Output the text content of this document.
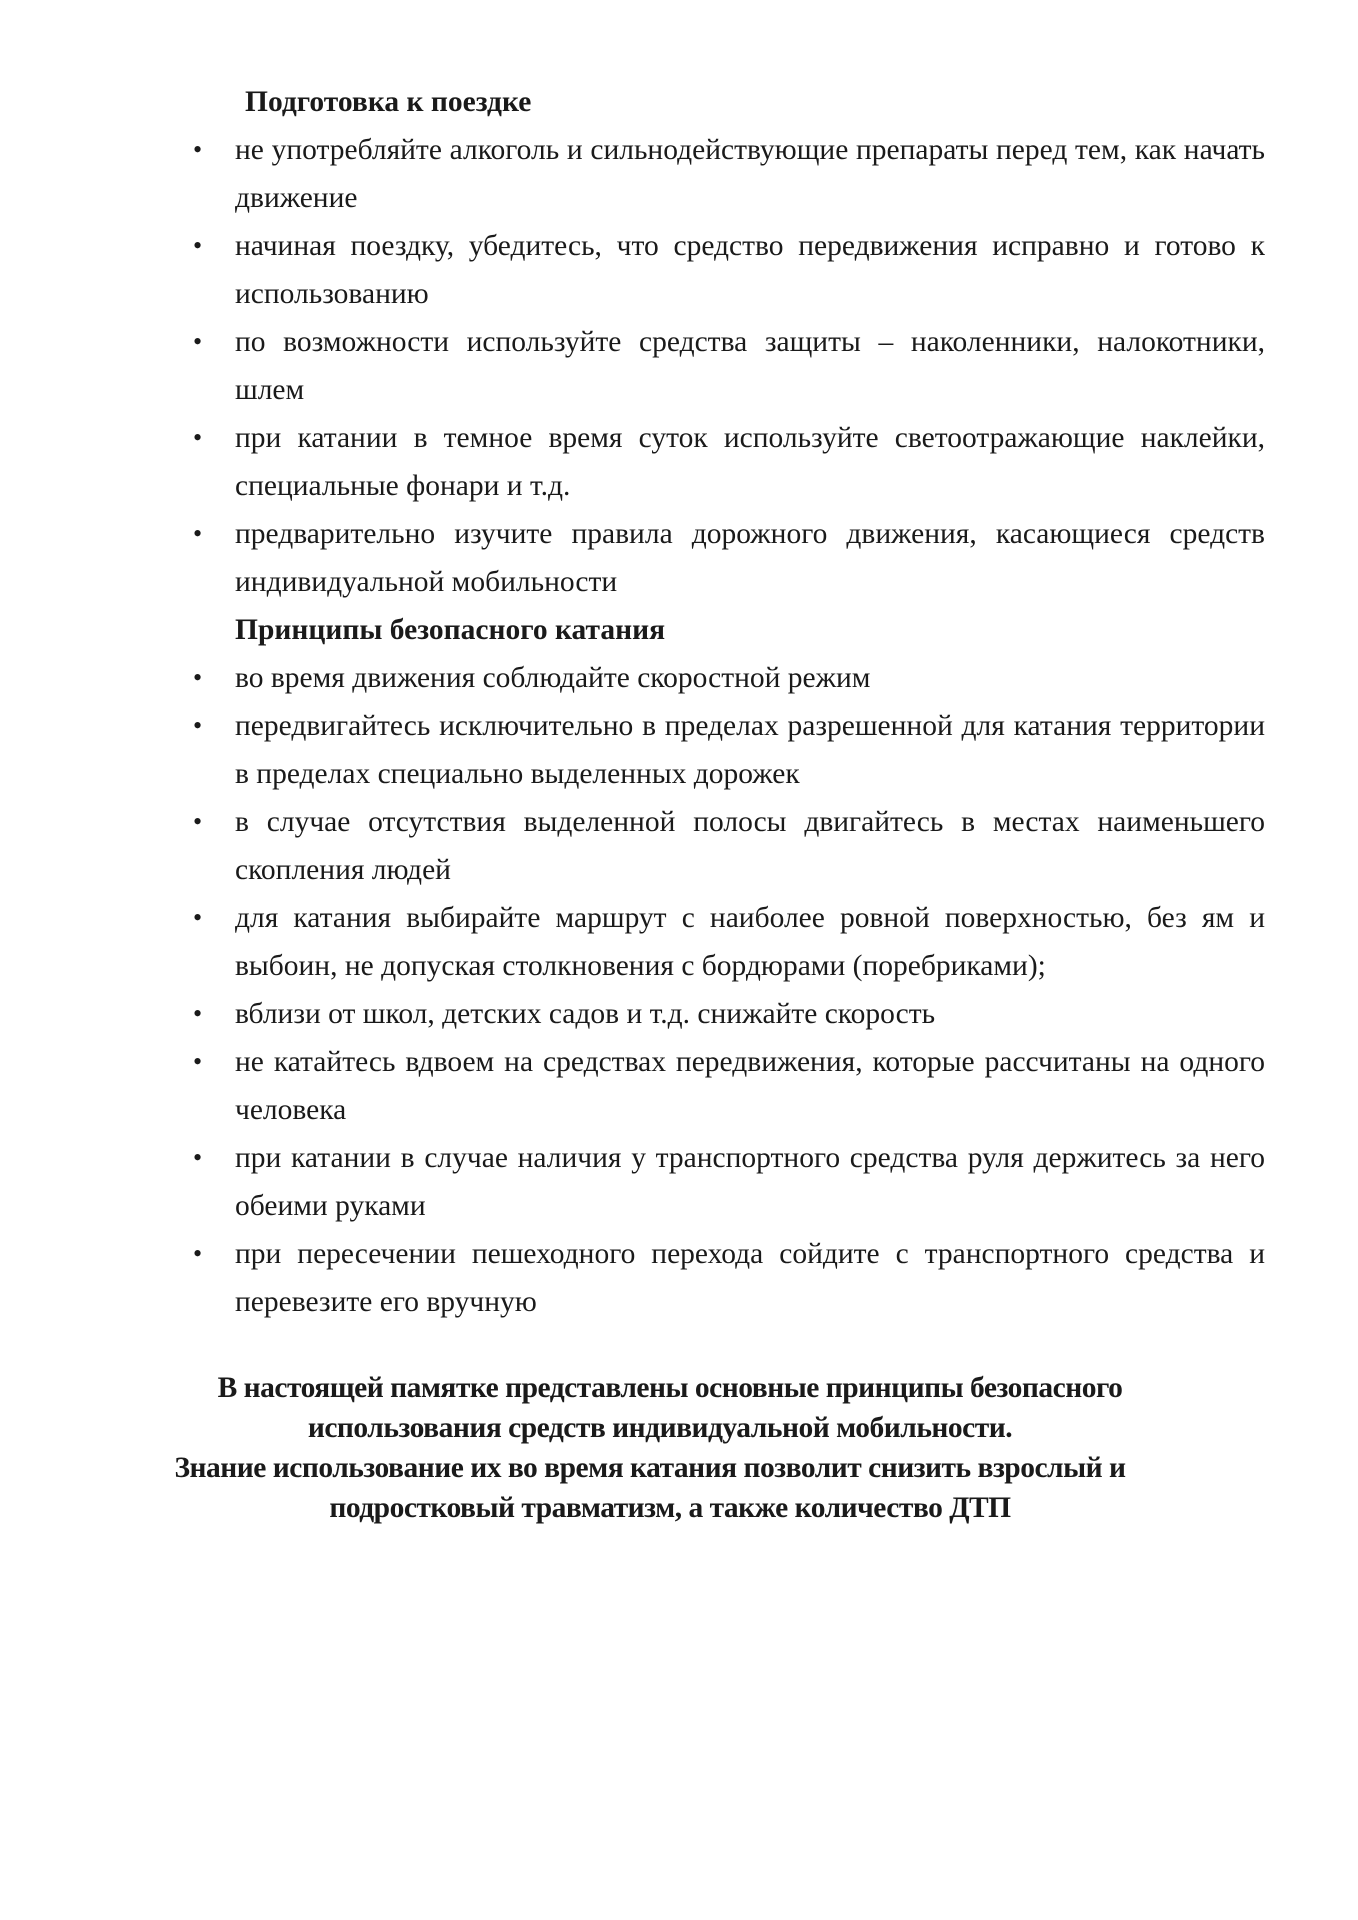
Подготовка к поездке
• не употребляйте алкоголь и сильнодействующие препараты перед тем, как начать движение
• начиная поездку, убедитесь, что средство передвижения исправно и готово к использованию
• по возможности используйте средства защиты – наколенники, налокотники, шлем
• при катании в темное время суток используйте светоотражающие наклейки, специальные фонари и т.д.
• предварительно изучите правила дорожного движения, касающиеся средств индивидуальной мобильности
Принципы безопасного катания
• во время движения соблюдайте скоростной режим
• передвигайтесь исключительно в пределах разрешенной для катания территории в пределах специально выделенных дорожек
• в случае отсутствия выделенной полосы двигайтесь в местах наименьшего скопления людей
• для катания выбирайте маршрут с наиболее ровной поверхностью, без ям и выбоин, не допуская столкновения с бордюрами (поребриками);
• вблизи от школ, детских садов и т.д. снижайте скорость
• не катайтесь вдвоем на средствах передвижения, которые рассчитаны на одного человека
• при катании в случае наличия у транспортного средства руля держитесь за него обеими руками
• при пересечении пешеходного перехода сойдите с транспортного средства и перевезите его вручную
В настоящей памятке представлены основные принципы безопасного
использования средств индивидуальной мобильности.
Знание использование их во время катания позволит снизить взрослый и
подростковый травматизм, а также количество ДТП
